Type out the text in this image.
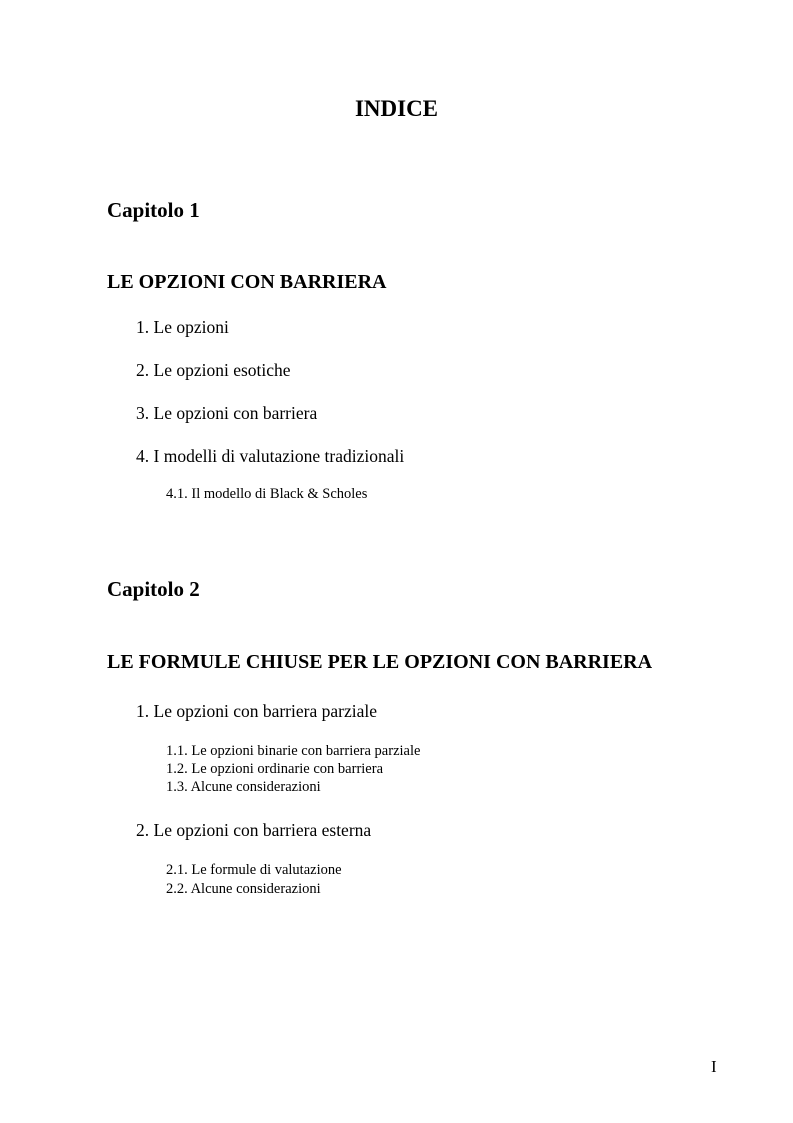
INDICE
Capitolo 1
LE OPZIONI CON BARRIERA
1. Le opzioni
2. Le opzioni esotiche
3. Le opzioni con barriera
4. I modelli di valutazione tradizionali
4.1. Il modello di Black & Scholes
Capitolo 2
LE FORMULE CHIUSE PER LE OPZIONI CON BARRIERA
1. Le opzioni con barriera parziale
1.1. Le opzioni binarie con barriera parziale
1.2. Le opzioni ordinarie con barriera
1.3. Alcune considerazioni
2. Le opzioni con barriera esterna
2.1. Le formule di valutazione
2.2. Alcune considerazioni
I
